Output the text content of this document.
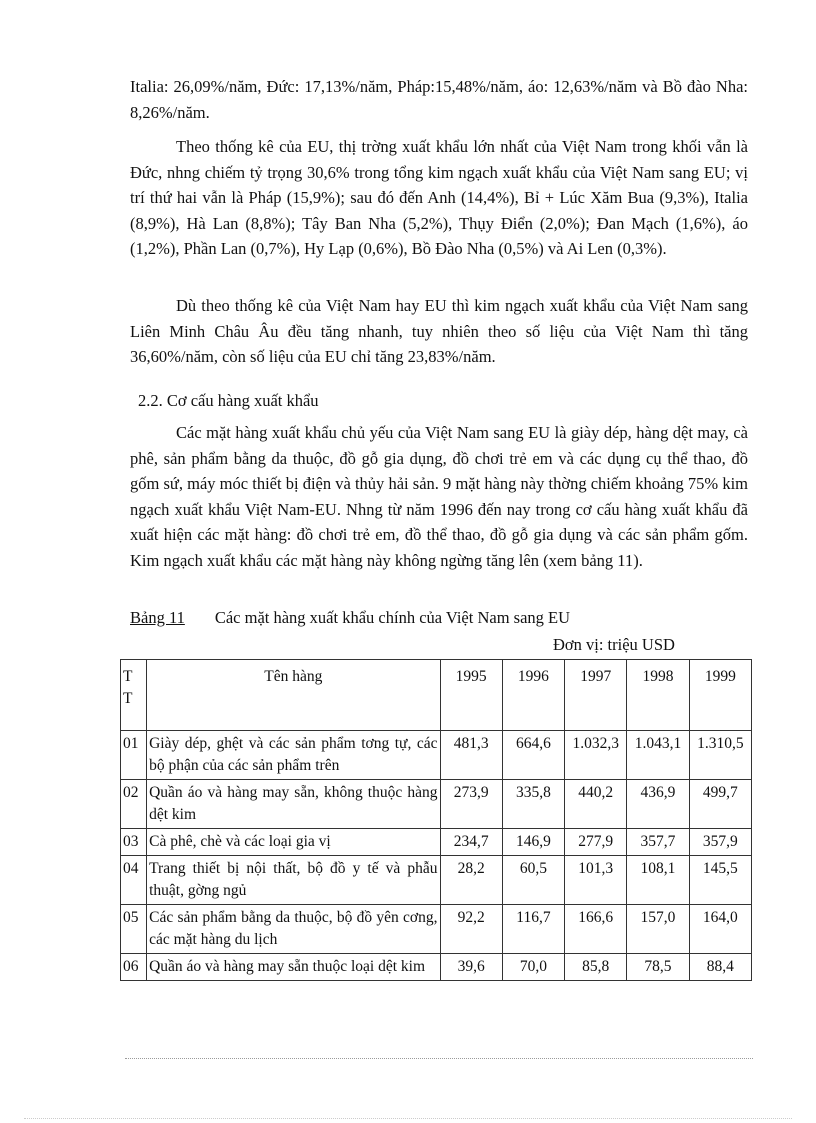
Italia: 26,09%/năm, Đức: 17,13%/năm, Pháp:15,48%/năm, áo: 12,63%/năm và Bồ đào Nha: 8,26%/năm.

Theo thống kê của EU, thị trờng xuất khẩu lớn nhất của Việt Nam trong khối vẫn là Đức, nhng chiếm tỷ trọng 30,6% trong tổng kim ngạch xuất khẩu của Việt Nam sang EU; vị trí thứ hai vẫn là Pháp (15,9%); sau đó đến Anh (14,4%), Bỉ + Lúc Xăm Bua (9,3%), Italia (8,9%), Hà Lan (8,8%); Tây Ban Nha (5,2%), Thụy Điển (2,0%); Đan Mạch (1,6%), áo (1,2%), Phần Lan (0,7%), Hy Lạp (0,6%), Bồ Đào Nha (0,5%) và Ai Len (0,3%).

Dù theo thống kê của Việt Nam hay EU thì kim ngạch xuất khẩu của Việt Nam sang Liên Minh Châu Âu đều tăng nhanh, tuy nhiên theo số liệu của Việt Nam thì tăng 36,60%/năm, còn số liệu của EU chỉ tăng 23,83%/năm.

2.2. Cơ cấu hàng xuất khẩu

Các mặt hàng xuất khẩu chủ yếu của Việt Nam sang EU là giày dép, hàng dệt may, cà phê, sản phẩm bằng da thuộc, đồ gỗ gia dụng, đồ chơi trẻ em và các dụng cụ thể thao, đồ gốm sứ, máy móc thiết bị điện và thủy hải sản. 9 mặt hàng này thờng chiếm khoảng 75% kim ngạch xuất khẩu Việt Nam-EU. Nhng từ năm 1996 đến nay trong cơ cấu hàng xuất khẩu đã xuất hiện các mặt hàng: đồ chơi trẻ em, đồ thể thao, đồ gỗ gia dụng và các sản phẩm gốm. Kim ngạch xuất khẩu các mặt hàng này không ngừng tăng lên (xem bảng 11).

Bảng 11 Các mặt hàng xuất khẩu chính của Việt Nam sang EU
Đơn vị: triệu USD
T T	Tên hàng	1995	1996	1997	1998	1999
01	Giày dép, ghệt và các sản phẩm tơng tự, các bộ phận của các sản phẩm trên	481,3	664,6	1.032,3	1.043,1	1.310,5
02	Quần áo và hàng may sẵn, không thuộc hàng dệt kim	273,9	335,8	440,2	436,9	499,7
03	Cà phê, chè và các loại gia vị	234,7	146,9	277,9	357,7	357,9
04	Trang thiết bị nội thất, bộ đồ y tế và phẫu thuật, gờng ngủ	28,2	60,5	101,3	108,1	145,5
05	Các sản phẩm bằng da thuộc, bộ đồ yên cơng, các mặt hàng du lịch	92,2	116,7	166,6	157,0	164,0
06	Quần áo và hàng may sẵn thuộc loại dệt kim	39,6	70,0	85,8	78,5	88,4
